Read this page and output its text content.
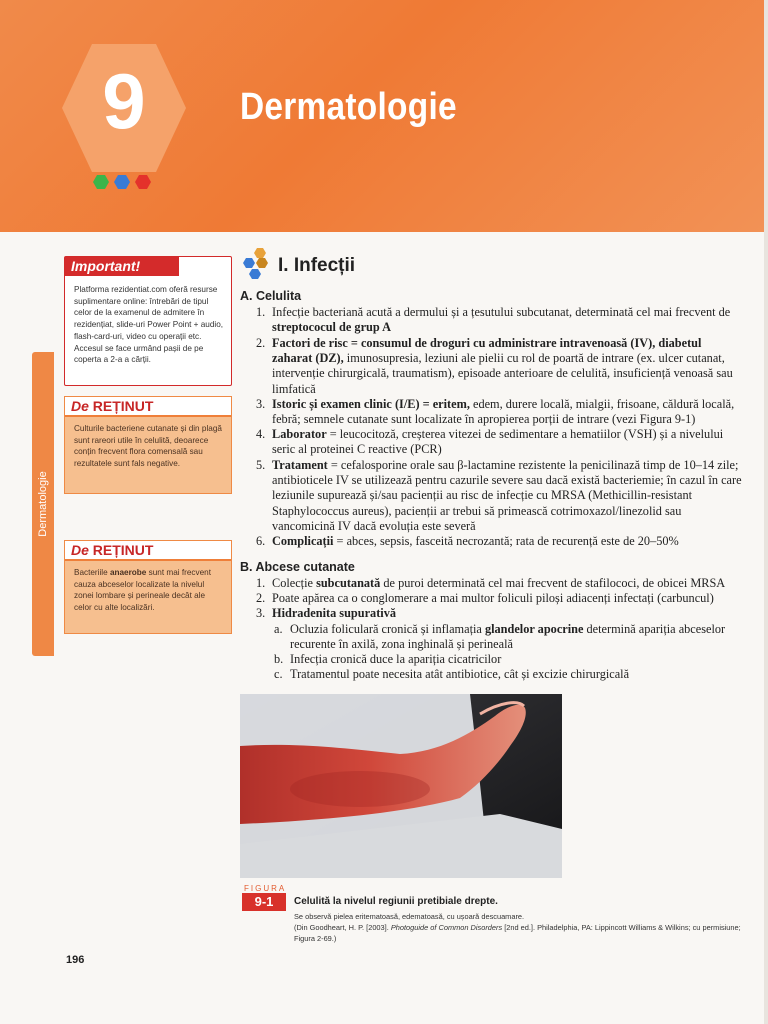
9	Dermatologie
Dermatologie
Important!
Platforma rezidentiat.com oferă resurse suplimentare online: întrebări de tipul celor de la examenul de admitere în rezidențiat, slide-uri Power Point + audio, flash-card-uri, video cu operații etc. Accesul se face urmând pașii de pe coperta a 2-a a cărții.
De REȚINUT
Culturile bacteriene cutanate și din plagă sunt rareori utile în celulită, deoarece conțin frecvent flora comensală sau rezultatele sunt fals negative.
De REȚINUT
Bacteriile anaerobe sunt mai frecvent cauza abceselor localizate la nivelul zonei lombare și perineale decât ale celor cu alte localizări.
I. Infecții
A. Celulita
1. Infecție bacteriană acută a dermului și a țesutului subcutanat, determinată cel mai frecvent de streptococul de grup A
2. Factori de risc = consumul de droguri cu administrare intravenoasă (IV), diabetul zaharat (DZ), imunosupresia, leziuni ale pielii cu rol de poartă de intrare (ex. ulcer cutanat, intervenție chirurgicală, traumatism), episoade anterioare de celulită, insuficiență venoasă sau limfatică
3. Istoric și examen clinic (I/E) = eritem, edem, durere locală, mialgii, frisoane, căldură locală, febră; semnele cutanate sunt localizate în apropierea porții de intrare (vezi Figura 9-1)
4. Laborator = leucocitoză, creșterea vitezei de sedimentare a hematiilor (VSH) și a nivelului seric al proteinei C reactive (PCR)
5. Tratament = cefalosporine orale sau β-lactamine rezistente la penicilinază timp de 10–14 zile; antibioticele IV se utilizează pentru cazurile severe sau dacă există bacteriemie; în cazul în care leziunile supurează și/sau pacienții au risc de infecție cu MRSA (Methicillin-resistant Staphylococcus aureus), pacienții ar trebui să primească cotrimoxazol/linezolid sau vancomicină IV dacă evoluția este severă
6. Complicații = abces, sepsis, fasceită necrozantă; rata de recurență este de 20–50%
B. Abcese cutanate
1. Colecție subcutanată de puroi determinată cel mai frecvent de stafilococi, de obicei MRSA
2. Poate apărea ca o conglomerare a mai multor foliculi piloși adiacenți infectați (carbuncul)
3. Hidradenita supurativă
a. Ocluzia foliculară cronică și inflamația glandelor apocrine determină apariția abceselor recurente în axilă, zona inghinală și perineală
b. Infecția cronică duce la apariția cicatricilor
c. Tratamentul poate necesita atât antibiotice, cât și excizie chirurgicală
FIGURA
9-1	Celulită la nivelul regiunii pretibiale drepte.
Se observă pielea eritematoasă, edematoasă, cu ușoară descuamare.
(Din Goodheart, H. P. [2003]. Photoguide of Common Disorders [2nd ed.]. Philadelphia, PA: Lippincott Williams & Wilkins; cu permisiune; Figura 2-69.)
196
